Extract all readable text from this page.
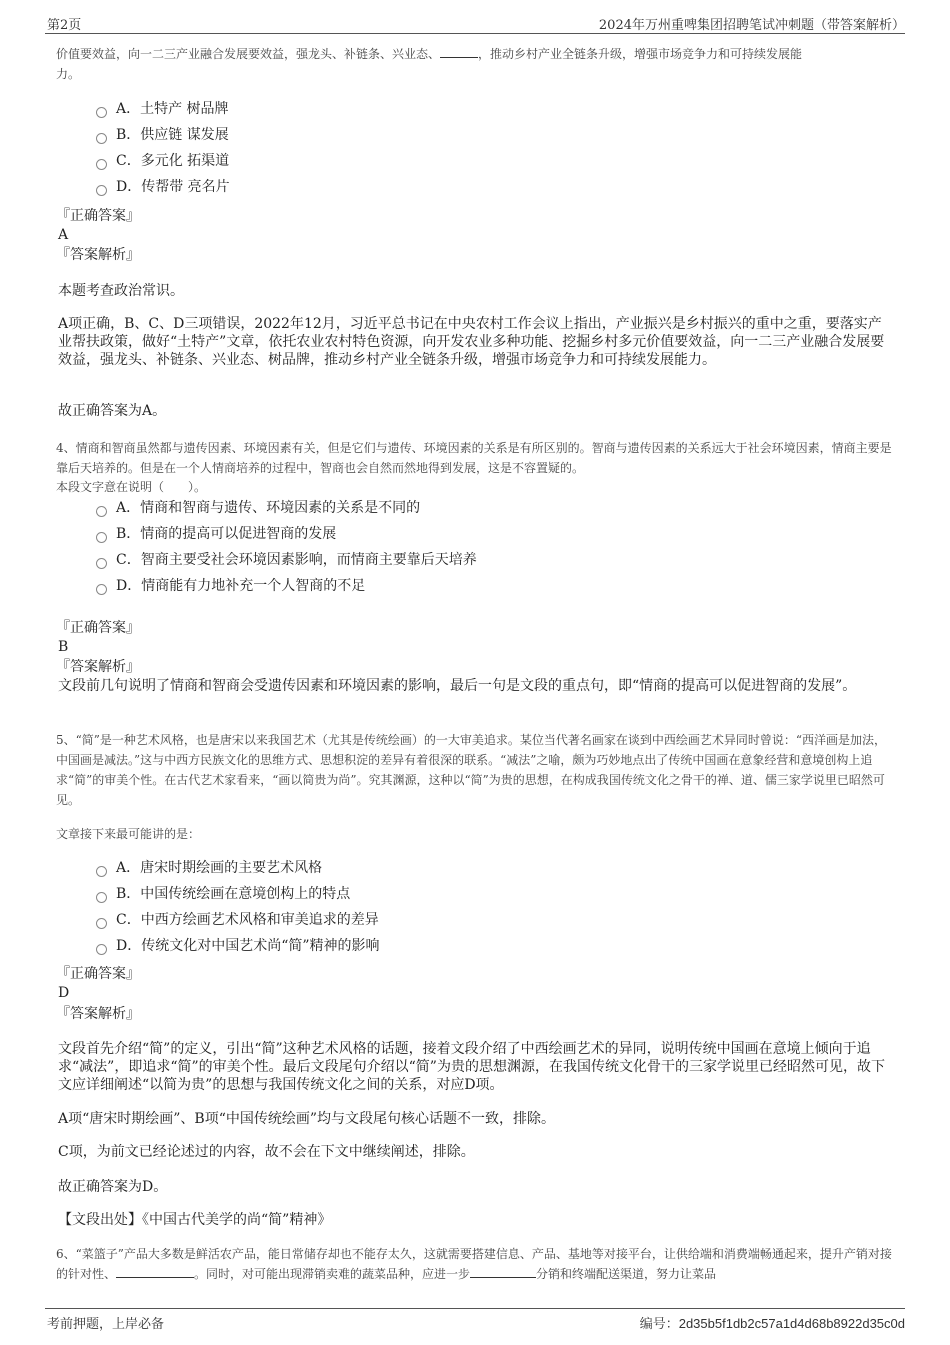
第2页	2024年万州重啤集团招聘笔试冲刺题（带答案解析）
价值要效益，向一二三产业融合发展要效益，强龙头、补链条、兴业态、	，推动乡村产业全链条升级，增强市场竞争力和可持续发展能
力。
A．土特产 树品牌
B．供应链 谋发展
C．多元化 拓渠道
D．传帮带 亮名片
『正确答案』
A
『答案解析』
本题考查政治常识。
A项正确，B、C、D三项错误，2022年12月，习近平总书记在中央农村工作会议上指出，产业振兴是乡村振兴的重中之重，要落实产业帮扶政策，做好“土特产”文章，依托农业农村特色资源，向开发农业多种功能、挖掘乡村多元价值要效益，向一二三产业融合发展要效益，强龙头、补链条、兴业态、树品牌，推动乡村产业全链条升级，增强市场竞争力和可持续发展能力。
故正确答案为A。
4、情商和智商虽然都与遗传因素、环境因素有关，但是它们与遗传、环境因素的关系是有所区别的。智商与遗传因素的关系远大于社会环境因素，情商主要是靠后天培养的。但是在一个人情商培养的过程中，智商也会自然而然地得到发展，这是不容置疑的。
本段文字意在说明（　　）。
A．情商和智商与遗传、环境因素的关系是不同的
B．情商的提高可以促进智商的发展
C．智商主要受社会环境因素影响，而情商主要靠后天培养
D．情商能有力地补充一个人智商的不足
『正确答案』
B
『答案解析』
文段前几句说明了情商和智商会受遗传因素和环境因素的影响，最后一句是文段的重点句，即“情商的提高可以促进智商的发展”。
5、“简”是一种艺术风格，也是唐宋以来我国艺术（尤其是传统绘画）的一大审美追求。某位当代著名画家在谈到中西绘画艺术异同时曾说：“西洋画是加法，中国画是减法。”这与中西方民族文化的思维方式、思想积淀的差异有着很深的联系。“减法”之喻，颇为巧妙地点出了传统中国画在意象经营和意境创构上追求“简”的审美个性。在古代艺术家看来，“画以简贵为尚”。究其渊源，这种以“简”为贵的思想，在构成我国传统文化之骨干的禅、道、儒三家学说里已昭然可见。
文章接下来最可能讲的是：
A．唐宋时期绘画的主要艺术风格
B．中国传统绘画在意境创构上的特点
C．中西方绘画艺术风格和审美追求的差异
D．传统文化对中国艺术尚“简”精神的影响
『正确答案』
D
『答案解析』
文段首先介绍“简”的定义，引出“简”这种艺术风格的话题，接着文段介绍了中西绘画艺术的异同，说明传统中国画在意境上倾向于追求“减法”，即追求“简”的审美个性。最后文段尾句介绍以“简”为贵的思想渊源，在我国传统文化骨干的三家学说里已经昭然可见，故下文应详细阐述“以简为贵”的思想与我国传统文化之间的关系，对应D项。
A项“唐宋时期绘画”、B项“中国传统绘画”均与文段尾句核心话题不一致，排除。
C项，为前文已经论述过的内容，故不会在下文中继续阐述，排除。
故正确答案为D。
【文段出处】《中国古代美学的尚“简”精神》
6、“菜篮子”产品大多数是鲜活农产品，能日常储存却也不能存太久，这就需要搭建信息、产品、基地等对接平台，让供给端和消费端畅通起来，提升产销对接的针对性、	。同时，对可能出现滞销卖难的蔬菜品种，应进一步	分销和终端配送渠道，努力让菜品
考前押题，上岸必备	编号：2d35b5f1db2c57a1d4d68b8922d35c0d
